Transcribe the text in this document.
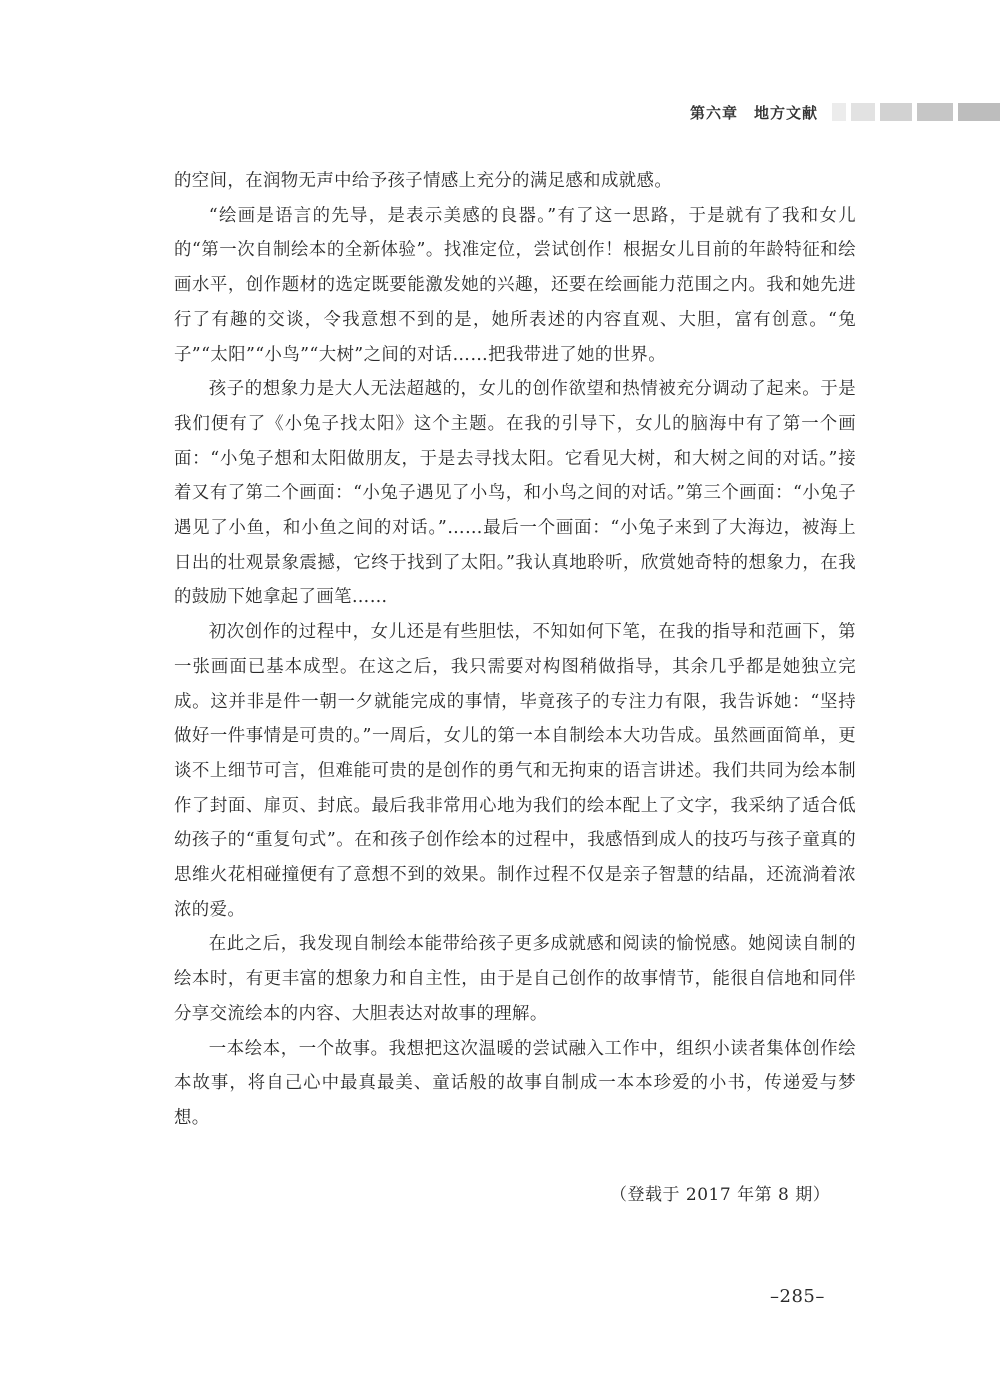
第六章　地方文献

的空间，在润物无声中给予孩子情感上充分的满足感和成就感。

“绘画是语言的先导，是表示美感的良器。”有了这一思路，于是就有了我和女儿的“第一次自制绘本的全新体验”。找准定位，尝试创作！根据女儿目前的年龄特征和绘画水平，创作题材的选定既要能激发她的兴趣，还要在绘画能力范围之内。我和她先进行了有趣的交谈，令我意想不到的是，她所表述的内容直观、大胆，富有创意。“兔子”“太阳”“小鸟”“大树”之间的对话……把我带进了她的世界。

孩子的想象力是大人无法超越的，女儿的创作欲望和热情被充分调动了起来。于是我们便有了《小兔子找太阳》这个主题。在我的引导下，女儿的脑海中有了第一个画面：“小兔子想和太阳做朋友，于是去寻找太阳。它看见大树，和大树之间的对话。”接着又有了第二个画面：“小兔子遇见了小鸟，和小鸟之间的对话。”第三个画面：“小兔子遇见了小鱼，和小鱼之间的对话。”……最后一个画面：“小兔子来到了大海边，被海上日出的壮观景象震撼，它终于找到了太阳。”我认真地聆听，欣赏她奇特的想象力，在我的鼓励下她拿起了画笔……

初次创作的过程中，女儿还是有些胆怯，不知如何下笔，在我的指导和范画下，第一张画面已基本成型。在这之后，我只需要对构图稍做指导，其余几乎都是她独立完成。这并非是件一朝一夕就能完成的事情，毕竟孩子的专注力有限，我告诉她：“坚持做好一件事情是可贵的。”一周后，女儿的第一本自制绘本大功告成。虽然画面简单，更谈不上细节可言，但难能可贵的是创作的勇气和无拘束的语言讲述。我们共同为绘本制作了封面、扉页、封底。最后我非常用心地为我们的绘本配上了文字，我采纳了适合低幼孩子的“重复句式”。在和孩子创作绘本的过程中，我感悟到成人的技巧与孩子童真的思维火花相碰撞便有了意想不到的效果。制作过程不仅是亲子智慧的结晶，还流淌着浓浓的爱。

在此之后，我发现自制绘本能带给孩子更多成就感和阅读的愉悦感。她阅读自制的绘本时，有更丰富的想象力和自主性，由于是自己创作的故事情节，能很自信地和同伴分享交流绘本的内容、大胆表达对故事的理解。

一本绘本，一个故事。我想把这次温暖的尝试融入工作中，组织小读者集体创作绘本故事，将自己心中最真最美、童话般的故事自制成一本本珍爱的小书，传递爱与梦想。

（登载于 2017 年第 8 期）
–285–
